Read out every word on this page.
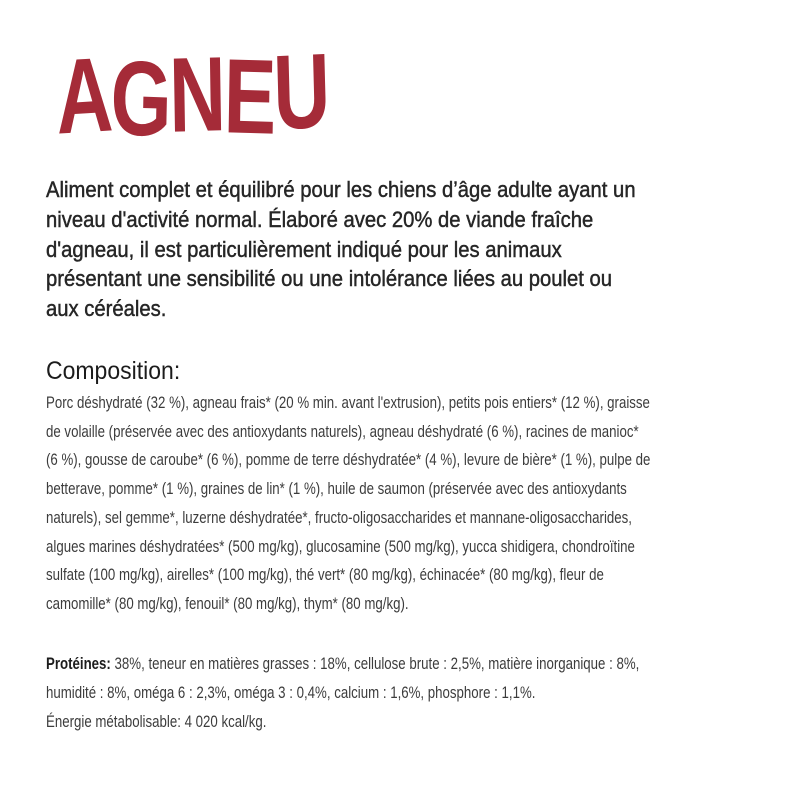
AGNEU

Aliment complet et équilibré pour les chiens d’âge adulte ayant un
niveau d'activité normal. Élaboré avec 20% de viande fraîche
d'agneau, il est particulièrement indiqué pour les animaux
présentant une sensibilité ou une intolérance liées au poulet ou
aux céréales.

Composition:
Porc déshydraté (32 %), agneau frais* (20 % min. avant l'extrusion), petits pois entiers* (12 %), graisse
de volaille (préservée avec des antioxydants naturels), agneau déshydraté (6 %), racines de manioc*
(6 %), gousse de caroube* (6 %), pomme de terre déshydratée* (4 %), levure de bière* (1 %), pulpe de
betterave, pomme* (1 %), graines de lin* (1 %), huile de saumon (préservée avec des antioxydants
naturels), sel gemme*, luzerne déshydratée*, fructo-oligosaccharides et mannane-oligosaccharides,
algues marines déshydratées* (500 mg/kg), glucosamine (500 mg/kg), yucca shidigera, chondroïtine
sulfate (100 mg/kg), airelles* (100 mg/kg), thé vert* (80 mg/kg), échinacée* (80 mg/kg), fleur de
camomille* (80 mg/kg), fenouil* (80 mg/kg), thym* (80 mg/kg).
Protéines: 38%, teneur en matières grasses : 18%, cellulose brute : 2,5%, matière inorganique : 8%,
humidité : 8%, oméga 6 : 2,3%, oméga 3 : 0,4%, calcium : 1,6%, phosphore : 1,1%.
Énergie métabolisable: 4 020 kcal/kg.
